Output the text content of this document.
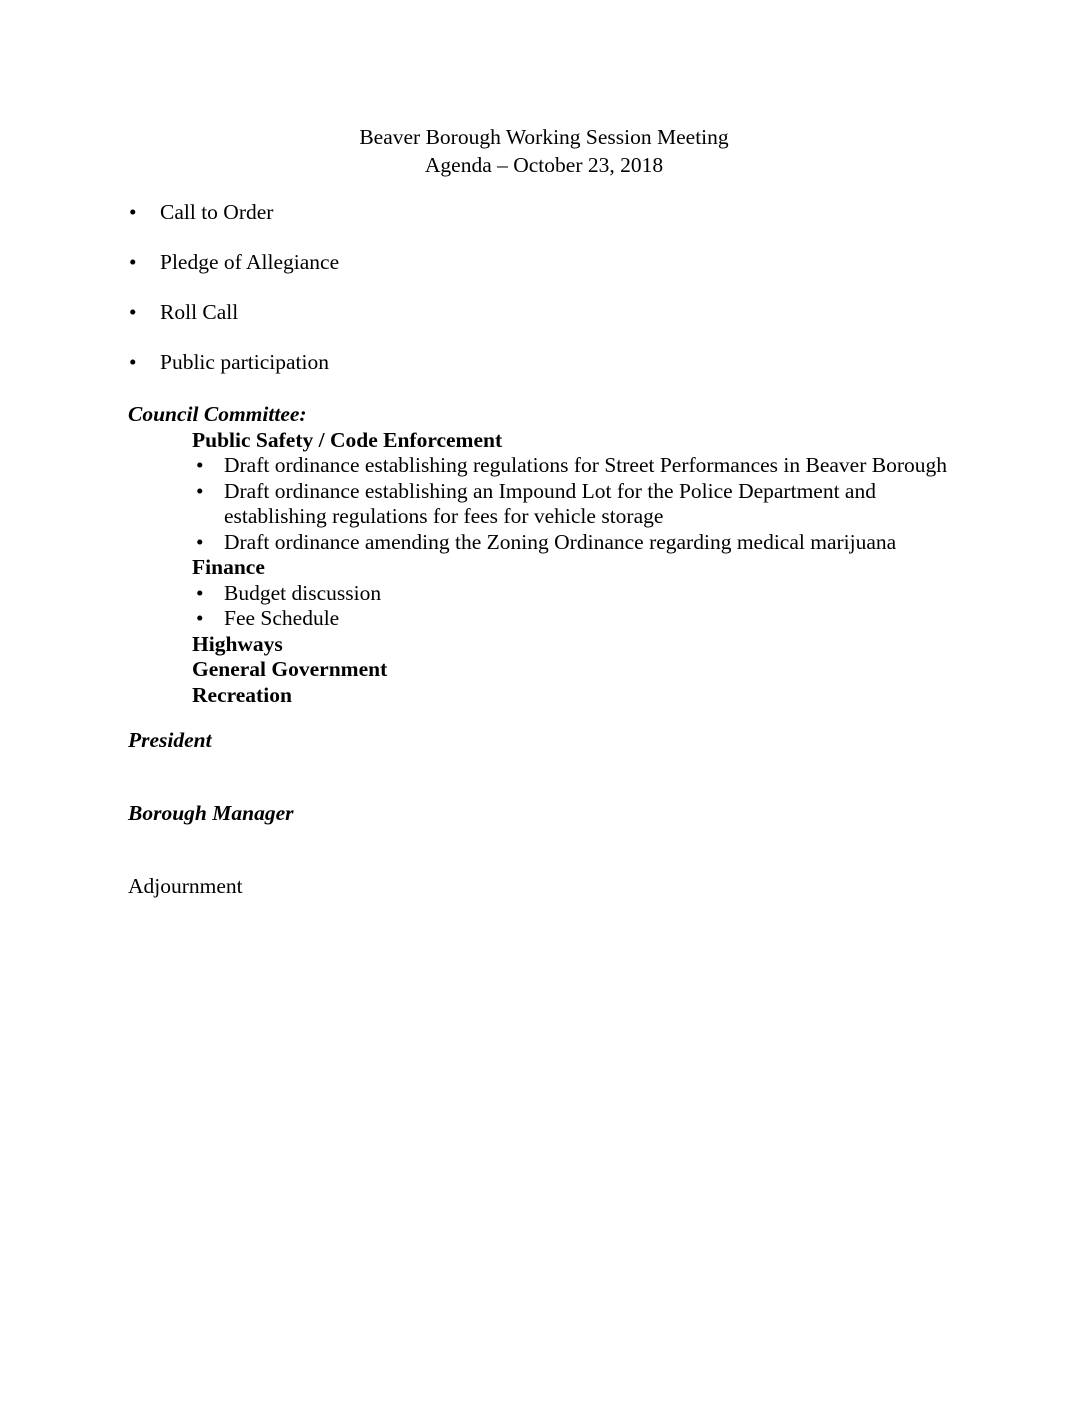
Beaver Borough Working Session Meeting
Agenda – October 23, 2018
• Call to Order
• Pledge of Allegiance
• Roll Call
• Public participation
Council Committee:
Public Safety / Code Enforcement
• Draft ordinance establishing regulations for Street Performances in Beaver Borough
• Draft ordinance establishing an Impound Lot for the Police Department and establishing regulations for fees for vehicle storage
• Draft ordinance amending the Zoning Ordinance regarding medical marijuana
Finance
• Budget discussion
• Fee Schedule
Highways
General Government
Recreation
President
Borough Manager
Adjournment
